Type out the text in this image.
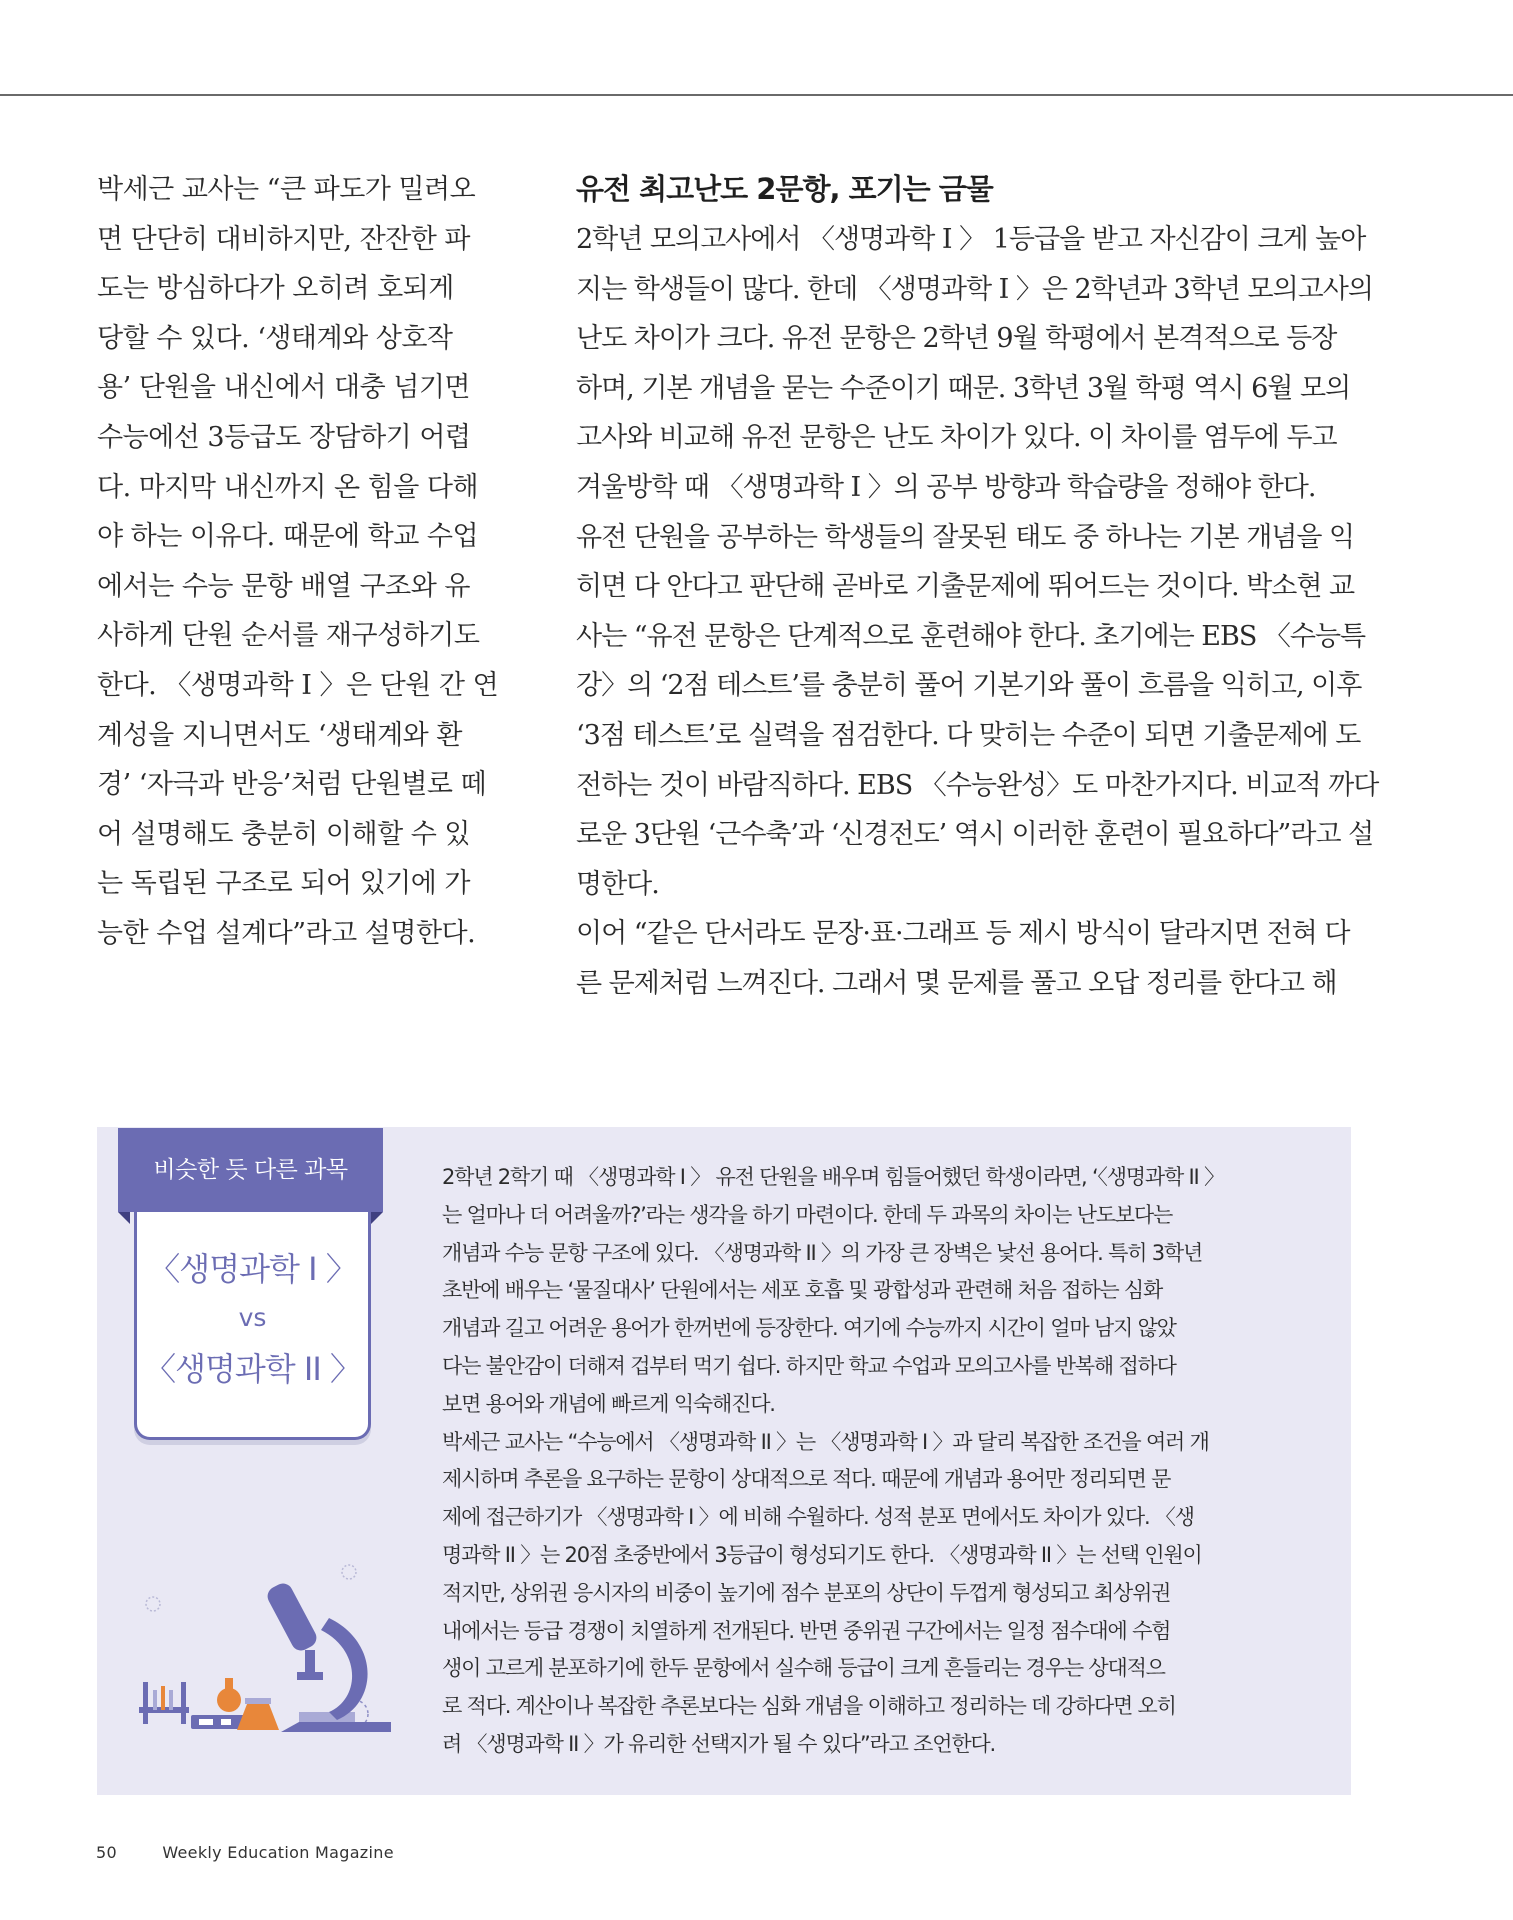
박세근 교사는 “큰 파도가 밀려오
면 단단히 대비하지만, 잔잔한 파
도는 방심하다가 오히려 호되게
당할 수 있다. ‘생태계와 상호작
용’ 단원을 내신에서 대충 넘기면
수능에선 3등급도 장담하기 어렵
다. 마지막 내신까지 온 힘을 다해
야 하는 이유다. 때문에 학교 수업
에서는 수능 문항 배열 구조와 유
사하게 단원 순서를 재구성하기도
한다. 〈생명과학 I 〉은 단원 간 연
계성을 지니면서도 ‘생태계와 환
경’ ‘자극과 반응’처럼 단원별로 떼
어 설명해도 충분히 이해할 수 있
는 독립된 구조로 되어 있기에 가
능한 수업 설계다”라고 설명한다.
유전 최고난도 2문항, 포기는 금물
2학년 모의고사에서 〈생명과학 I 〉 1등급을 받고 자신감이 크게 높아
지는 학생들이 많다. 한데 〈생명과학 I 〉은 2학년과 3학년 모의고사의
난도 차이가 크다. 유전 문항은 2학년 9월 학평에서 본격적으로 등장
하며, 기본 개념을 묻는 수준이기 때문. 3학년 3월 학평 역시 6월 모의
고사와 비교해 유전 문항은 난도 차이가 있다. 이 차이를 염두에 두고
겨울방학 때 〈생명과학 I 〉의 공부 방향과 학습량을 정해야 한다.
유전 단원을 공부하는 학생들의 잘못된 태도 중 하나는 기본 개념을 익
히면 다 안다고 판단해 곧바로 기출문제에 뛰어드는 것이다. 박소현 교
사는 “유전 문항은 단계적으로 훈련해야 한다. 초기에는 EBS 〈수능특
강〉의 ‘2점 테스트’를 충분히 풀어 기본기와 풀이 흐름을 익히고, 이후
‘3점 테스트’로 실력을 점검한다. 다 맞히는 수준이 되면 기출문제에 도
전하는 것이 바람직하다. EBS 〈수능완성〉도 마찬가지다. 비교적 까다
로운 3단원 ‘근수축’과 ‘신경전도’ 역시 이러한 훈련이 필요하다”라고 설
명한다.
이어 “같은 단서라도 문장·표·그래프 등 제시 방식이 달라지면 전혀 다
른 문제처럼 느껴진다. 그래서 몇 문제를 풀고 오답 정리를 한다고 해
비슷한 듯 다른 과목
〈생명과학 I 〉
vs
〈생명과학 II 〉
2학년 2학기 때 〈생명과학 I 〉 유전 단원을 배우며 힘들어했던 학생이라면, ‘〈생명과학 II 〉
는 얼마나 더 어려울까?’라는 생각을 하기 마련이다. 한데 두 과목의 차이는 난도보다는
개념과 수능 문항 구조에 있다. 〈생명과학 II 〉의 가장 큰 장벽은 낯선 용어다. 특히 3학년
초반에 배우는 ‘물질대사’ 단원에서는 세포 호흡 및 광합성과 관련해 처음 접하는 심화
개념과 길고 어려운 용어가 한꺼번에 등장한다. 여기에 수능까지 시간이 얼마 남지 않았
다는 불안감이 더해져 겁부터 먹기 쉽다. 하지만 학교 수업과 모의고사를 반복해 접하다
보면 용어와 개념에 빠르게 익숙해진다.
박세근 교사는 “수능에서 〈생명과학 II 〉는 〈생명과학 I 〉과 달리 복잡한 조건을 여러 개
제시하며 추론을 요구하는 문항이 상대적으로 적다. 때문에 개념과 용어만 정리되면 문
제에 접근하기가 〈생명과학 I 〉에 비해 수월하다. 성적 분포 면에서도 차이가 있다. 〈생
명과학 II 〉는 20점 초중반에서 3등급이 형성되기도 한다. 〈생명과학 II 〉는 선택 인원이
적지만, 상위권 응시자의 비중이 높기에 점수 분포의 상단이 두껍게 형성되고 최상위권
내에서는 등급 경쟁이 치열하게 전개된다. 반면 중위권 구간에서는 일정 점수대에 수험
생이 고르게 분포하기에 한두 문항에서 실수해 등급이 크게 흔들리는 경우는 상대적으
로 적다. 계산이나 복잡한 추론보다는 심화 개념을 이해하고 정리하는 데 강하다면 오히
려 〈생명과학 II 〉가 유리한 선택지가 될 수 있다”라고 조언한다.
50	Weekly Education Magazine
